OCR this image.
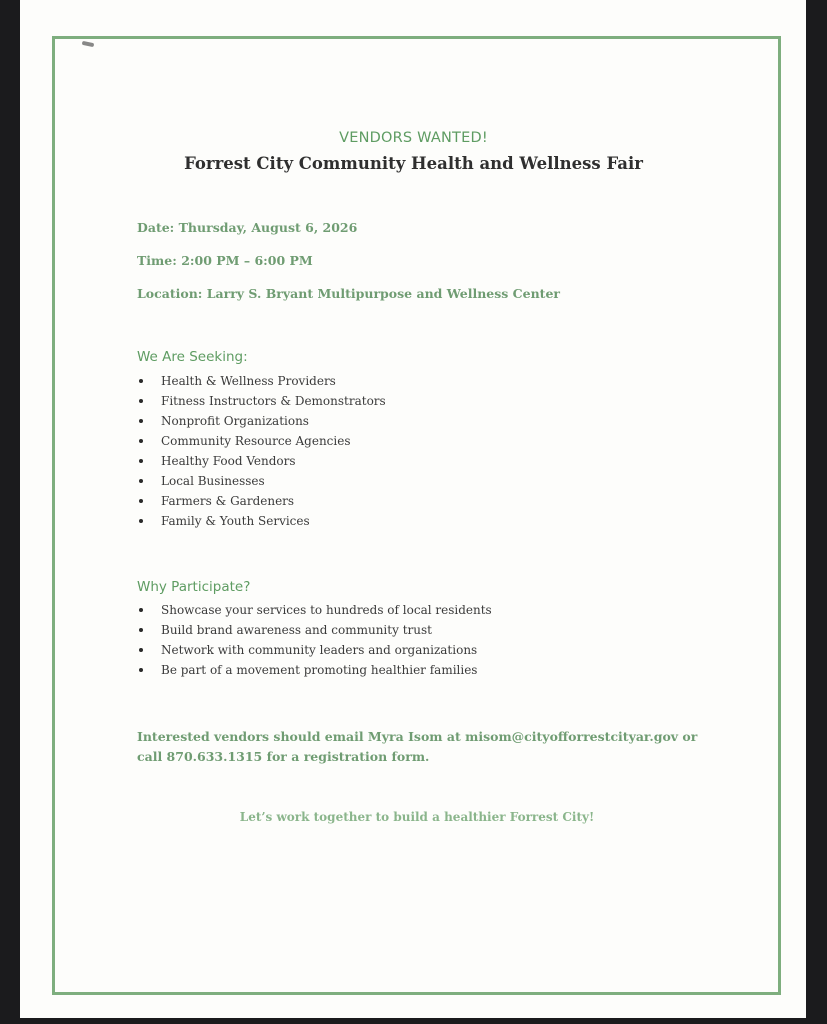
VENDORS WANTED!
Forrest City Community Health and Wellness Fair

Date: Thursday, August 6, 2026

Time: 2:00 PM – 6:00 PM

Location: Larry S. Bryant Multipurpose and Wellness Center

We Are Seeking:
Health & Wellness Providers
Fitness Instructors & Demonstrators
Nonprofit Organizations
Community Resource Agencies
Healthy Food Vendors
Local Businesses
Farmers & Gardeners
Family & Youth Services
Why Participate?
Showcase your services to hundreds of local residents
Build brand awareness and community trust
Network with community leaders and organizations
Be part of a movement promoting healthier families

Interested vendors should email Myra Isom at misom@cityofforrestcityar.gov or call 870.633.1315 for a registration form.

Let’s work together to build a healthier Forrest City!
